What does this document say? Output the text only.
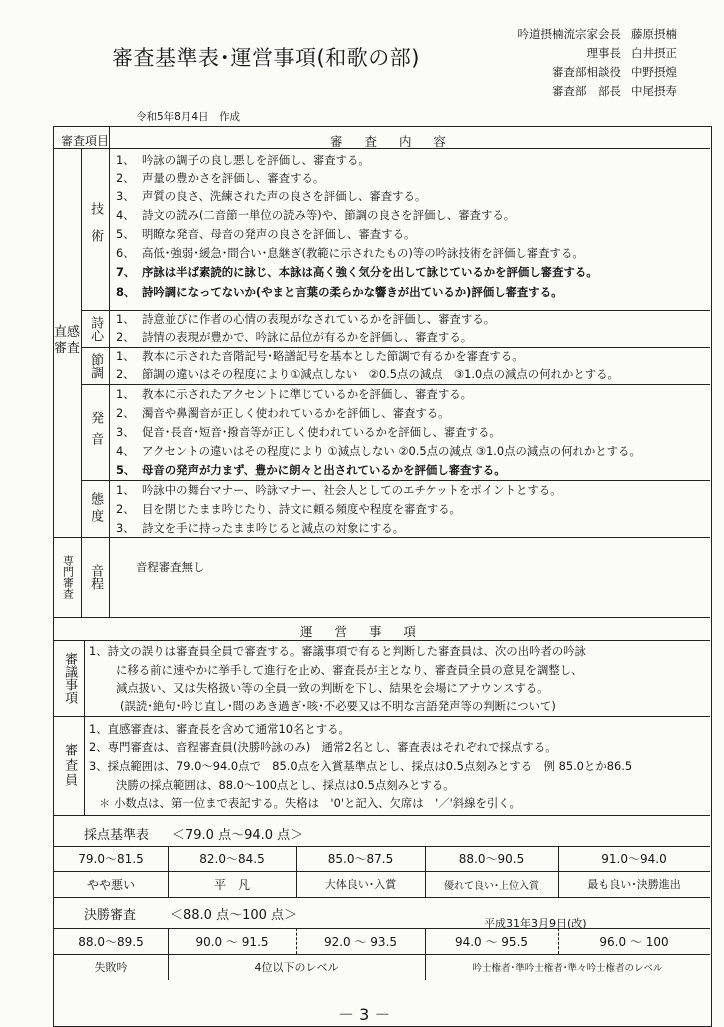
審査基準表･運営事項(和歌の部)
吟道摂楠流宗家会長 藤原摂楠
理事長 白井摂正
審査部相談役 中野摂煌
審査部　部長 中尾摂寿
令和5年8月4日　作成
審査項目	審 査 内 容
直感審査
技術
1、 吟詠の調子の良し悪しを評価し、審査する。
2、 声量の豊かさを評価し、審査する。
3、 声質の良さ、洗練された声の良さを評価し、審査する。
4、 詩文の読み(二音節一単位の読み等)や、節調の良さを評価し、審査する。
5、 明瞭な発音、母音の発声の良さを評価し、審査する。
6、 高低･強弱･緩急･間合い･息継ぎ(教範に示されたもの)等の吟詠技術を評価し審査する。
7、 序詠は半ば素読的に詠じ、本詠は高く強く気分を出して詠じているかを評価し審査する。
8、 詩吟調になってないか(やまと言葉の柔らかな響きが出ているか)評価し審査する。
詩心 1、 詩意並びに作者の心情の表現がなされているかを評価し、審査する。
2、 詩情の表現が豊かで、吟詠に品位が有るかを評価し、審査する。
節調 1、 教本に示された音階記号･略譜記号を基本とした節調で有るかを審査する。
2、 節調の違いはその程度により①減点しない　②0.5点の減点　③1.0点の減点の何れかとする。
発音
1、 教本に示されたアクセントに準じているかを評価し、審査する。
2、 濁音や鼻濁音が正しく使われているかを評価し、審査する。
3、 促音･長音･短音･撥音等が正しく使われているかを評価し、審査する。
4、 アクセントの違いはその程度により ①減点しない ②0.5点の減点 ③1.0点の減点の何れかとする。
5、 母音の発声が力まず、豊かに朗々と出されているかを評価し審査する。
態度
1、 吟詠中の舞台マナー、吟詠マナー、社会人としてのエチケットをポイントとする。
2、 目を閉じたまま吟じたり、詩文に頼る頻度や程度を審査する。
3、 詩文を手に持ったまま吟じると減点の対象にする。
専門審査 音程	音程審査無し
運 営 事 項
審議事項
1、詩文の誤りは審査員全員で審査する。審議事項で有ると判断した審査員は、次の出吟者の吟詠
に移る前に速やかに挙手して進行を止め、審査長が主となり、審査員全員の意見を調整し、
減点扱い、又は失格扱い等の全員一致の判断を下し、結果を会場にアナウンスする。
(誤読･絶句･吟じ直し･間のあき過ぎ･咳･不必要又は不明な言語発声等の判断について)
審査員
1、直感審査は、審査長を含めて通常10名とする。
2、専門審査は、音程審査員(決勝吟詠のみ)　通常2名とし、審査表はそれぞれで採点する。
3、採点範囲は、79.0～94.0点で　85.0点を入賞基準点とし、採点は0.5点刻みとする　例 85.0とか86.5
決勝の採点範囲は、88.0～100点とし、採点は0.5点刻みとする。
＊ 小数点は、第一位まで表記する。失格は　'0'と記入、欠席は　'／'斜線を引く。
採点基準表 ＜79.0 点～94.0 点＞
79.0～81.5	82.0～84.5	85.0～87.5	88.0～90.5	91.0～94.0
やや悪い	平　凡	大体良い･入賞	優れて良い･上位入賞	最も良い･決勝進出
決勝審査	＜88.0 点～100 点＞
平成31年3月9日(改)
88.0～89.5	90.0 ～ 91.5	92.0 ～ 93.5	94.0 ～ 95.5	96.0 ～ 100
失敗吟	4位以下のレベル	吟士権者･準吟士権者･準々吟士権者のレベル
－ 3 －
